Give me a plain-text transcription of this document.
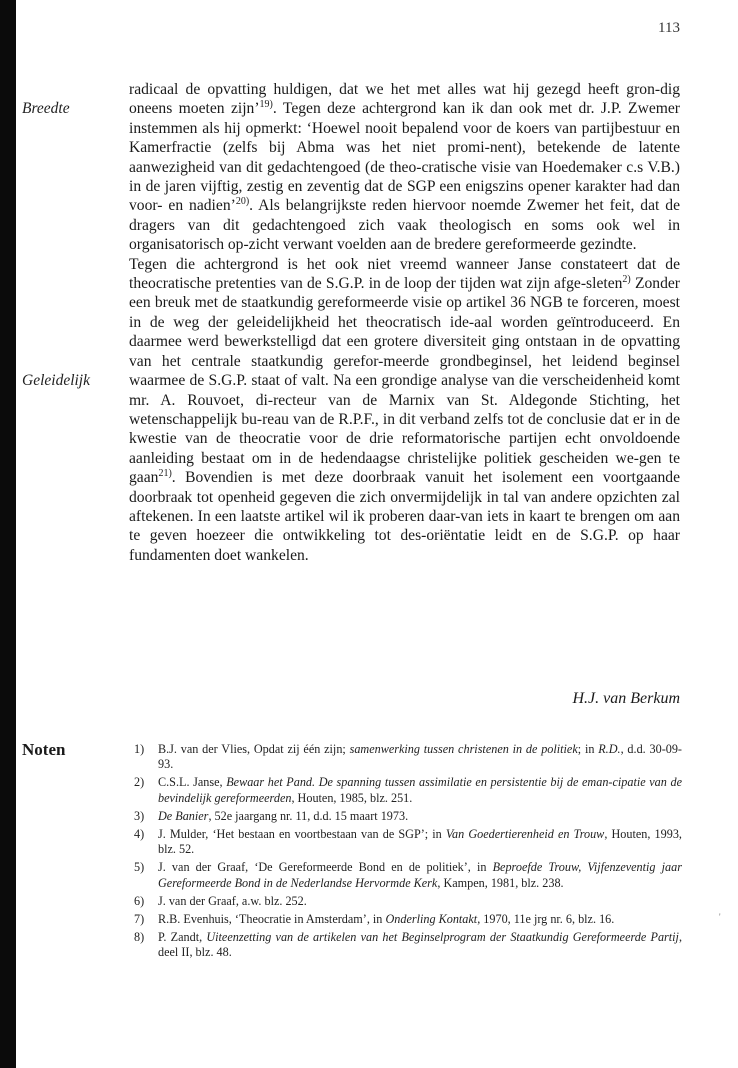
113
Breedte
Geleidelijk

radicaal de opvatting huldigen, dat we het met alles wat hij gezegd heeft gron-dig oneens moeten zijn’$^{19)}$. Tegen deze achtergrond kan ik dan ook met dr. J.P. Zwemer instemmen als hij opmerkt: ‘Hoewel nooit bepalend voor de koers van partijbestuur en Kamerfractie (zelfs bij Abma was het niet promi-nent), betekende de latente aanwezigheid van dit gedachtengoed (de theo-cratische visie van Hoedemaker c.s V.B.) in de jaren vijftig, zestig en zeventig dat de SGP een enigszins opener karakter had dan voor- en nadien’$^{20)}$. Als belangrijkste reden hiervoor noemde Zwemer het feit, dat de dragers van dit gedachtengoed zich vaak theologisch en soms ook wel in organisatorisch op-zicht verwant voelden aan de bredere gereformeerde gezindte.

Tegen die achtergrond is het ook niet vreemd wanneer Janse constateert dat de theocratische pretenties van de S.G.P. in de loop der tijden wat zijn afge-sleten$^{2)}$ Zonder een breuk met de staatkundig gereformeerde visie op artikel 36 NGB te forceren, moest in de weg der geleidelijkheid het theocratisch ide-aal worden geïntroduceerd. En daarmee werd bewerkstelligd dat een grotere diversiteit ging ontstaan in de opvatting van het centrale staatkundig gerefor-meerde grondbeginsel, het leidend beginsel waarmee de S.G.P. staat of valt. Na een grondige analyse van die verscheidenheid komt mr. A. Rouvoet, di-recteur van de Marnix van St. Aldegonde Stichting, het wetenschappelijk bu-reau van de R.P.F., in dit verband zelfs tot de conclusie dat er in de kwestie van de theocratie voor de drie reformatorische partijen echt onvoldoende aanleiding bestaat om in de hedendaagse christelijke politiek gescheiden we-gen te gaan$^{21)}$. Bovendien is met deze doorbraak vanuit het isolement een voortgaande doorbraak tot openheid gegeven die zich onvermijdelijk in tal van andere opzichten zal aftekenen. In een laatste artikel wil ik proberen daar-van iets in kaart te brengen om aan te geven hoezeer die ontwikkeling tot des-oriëntatie leidt en de S.G.P. op haar fundamenten doet wankelen.

H.J. van Berkum
Noten	1) B.J. van der Vlies, Opdat zij één zijn; samenwerking tussen christenen in de politiek; in R.D., d.d. 30-09-93.
2) C.S.L. Janse, Bewaar het Pand. De spanning tussen assimilatie en persistentie bij de eman-cipatie van de bevindelijk gereformeerden, Houten, 1985, blz. 251.
3) De Banier, 52e jaargang nr. 11, d.d. 15 maart 1973.
4) J. Mulder, ‘Het bestaan en voortbestaan van de SGP’; in Van Goedertierenheid en Trouw, Houten, 1993, blz. 52.
5) J. van der Graaf, ‘De Gereformeerde Bond en de politiek’, in Beproefde Trouw, Vijfenzeventig jaar Gereformeerde Bond in de Nederlandse Hervormde Kerk, Kampen, 1981, blz. 238.
6) J. van der Graaf, a.w. blz. 252.
7) R.B. Evenhuis, ‘Theocratie in Amsterdam’, in Onderling Kontakt, 1970, 11e jrg nr. 6, blz. 16.
8) P. Zandt, Uiteenzetting van de artikelen van het Beginselprogram der Staatkundig Gereformeerde Partij, deel II, blz. 48.
'
